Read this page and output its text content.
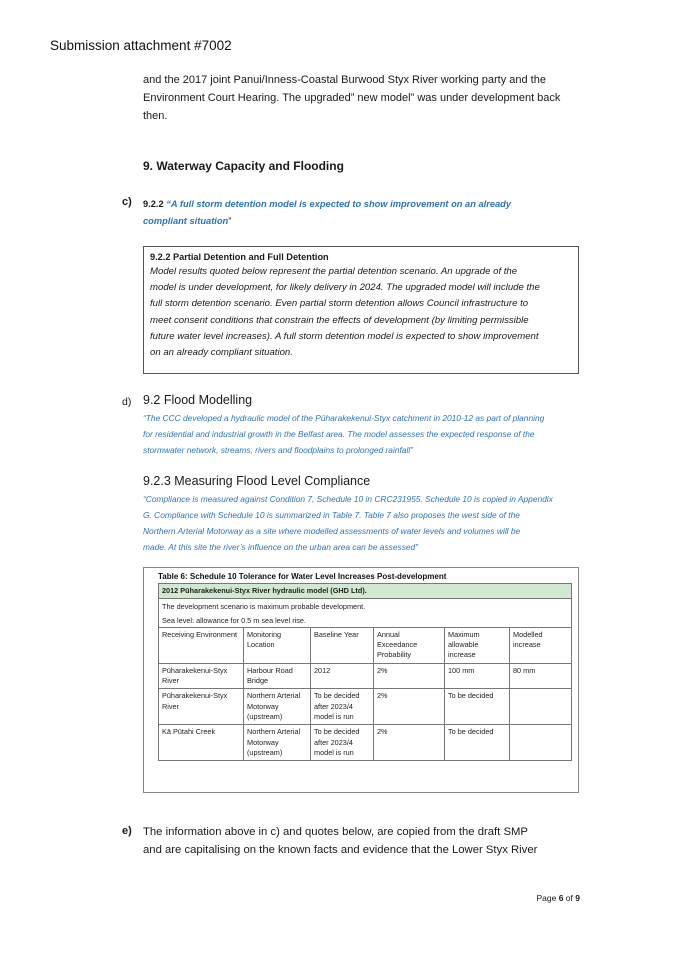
Submission attachment #7002
and the 2017 joint Panui/Inness-Coastal Burwood Styx River working party and the
Environment Court Hearing. The upgraded” new model” was under development back
then.
9. Waterway Capacity and Flooding
c) 9.2.2 “A full storm detention model is expected to show improvement on an already
compliant situation”
9.2.2 Partial Detention and Full Detention
Model results quoted below represent the partial detention scenario. An upgrade of the
model is under development, for likely delivery in 2024. The upgraded model will include the
full storm detention scenario. Even partial storm detention allows Council infrastructure to
meet consent conditions that constrain the effects of development (by limiting permissible
future water level increases). A full storm detention model is expected to show improvement
on an already compliant situation.
d) 9.2 Flood Modelling
“The CCC developed a hydraulic model of the Pūharakekenui-Styx catchment in 2010-12 as part of planning
for residential and industrial growth in the Belfast area. The model assesses the expected response of the
stormwater network, streams, rivers and floodplains to prolonged rainfall”
9.2.3 Measuring Flood Level Compliance
“Compliance is measured against Condition 7, Schedule 10 in CRC231955. Schedule 10 is copied in Appendix
G. Compliance with Schedule 10 is summarized in Table 7. Table 7 also proposes the west side of the
Northern Arterial Motorway as a site where modelled assessments of water levels and volumes will be
made. At this site the river’s influence on the urban area can be assessed”
Table 6: Schedule 10 Tolerance for Water Level Increases Post-development
2012 Pūharakekenui-Styx River hydraulic model (GHD Ltd).					

The development scenario is maximum probable development.
Sea level: allowance for 0.5 m sea level rise.					

Receiving Environment	Monitoring Location	Baseline Year	Annual Exceedance Probability	Maximum allowable increase	Modelled increase
Pūharakekenui-Styx River	Harbour Road Bridge	2012	2%	100 mm	80 mm
Pūharakekenui-Styx River	Northern Arterial Motorway (upstream)	To be decided after 2023/4 model is run	2%	To be decided	
Kā Pūtahi Creek	Northern Arterial Motorway (upstream)	To be decided after 2023/4 model is run	2%	To be decided	
e) The information above in c) and quotes below, are copied from the draft SMP
and are capitalising on the known facts and evidence that the Lower Styx River
Page 6 of 9
